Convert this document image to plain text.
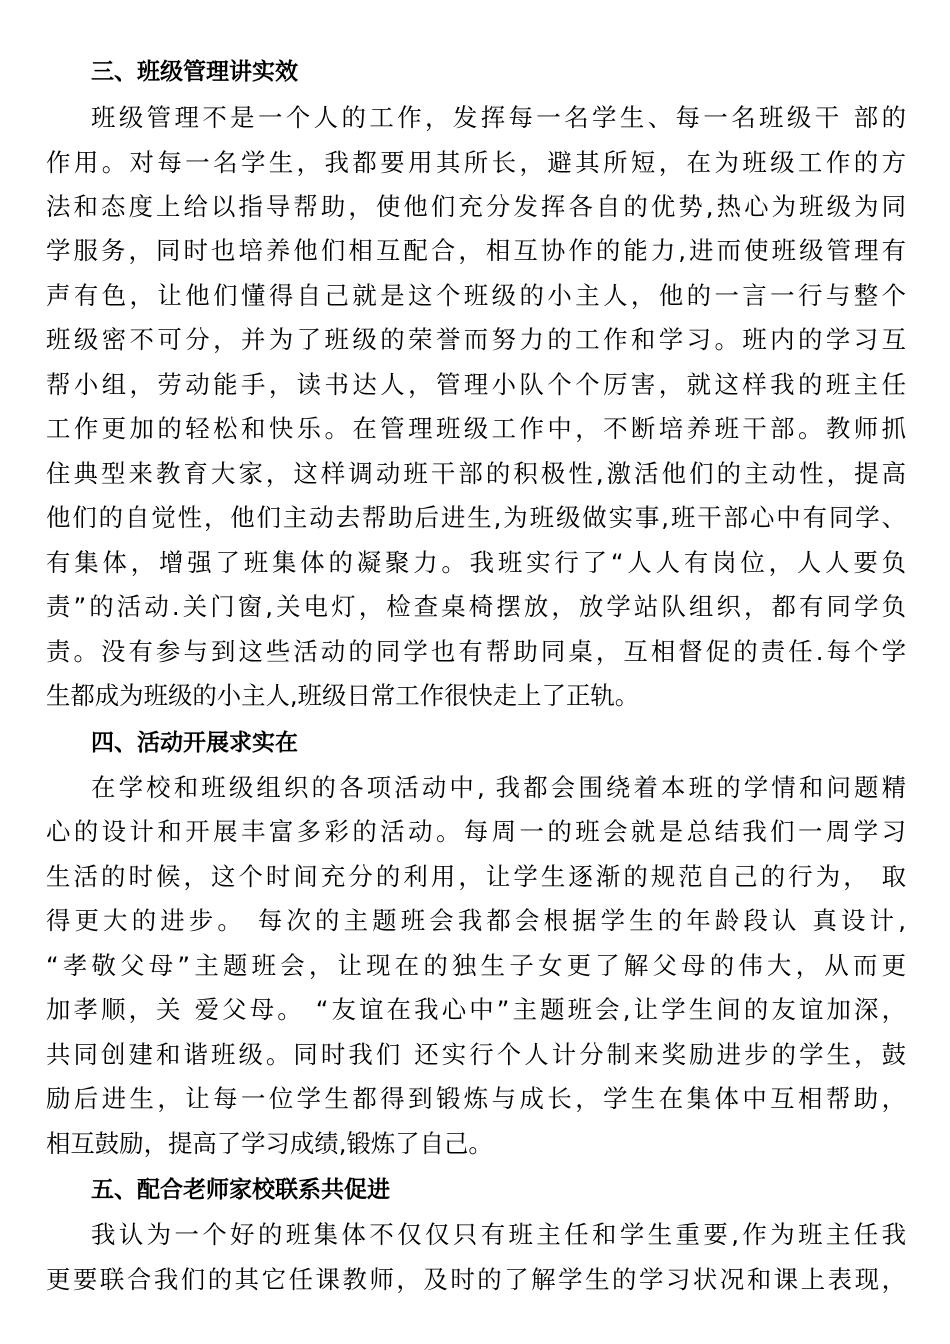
三、班级管理讲实效
班级管理不是一个人的工作，发挥每一名学生、每一名班级干 部的
作用。对每一名学生，我都要用其所长，避其所短，在为班级工作的方
法和态度上给以指导帮助，使他们充分发挥各自的优势,热心为班级为同
学服务，同时也培养他们相互配合，相互协作的能力,进而使班级管理有
声有色，让他们懂得自己就是这个班级的小主人，他的一言一行与整个
班级密不可分，并为了班级的荣誉而努力的工作和学习。班内的学习互
帮小组，劳动能手，读书达人，管理小队个个厉害，就这样我的班主任
工作更加的轻松和快乐。在管理班级工作中，不断培养班干部。教师抓
住典型来教育大家，这样调动班干部的积极性,激活他们的主动性，提高
他们的自觉性，他们主动去帮助后进生,为班级做实事,班干部心中有同学、
有集体，增强了班集体的凝聚力。我班实行了“人人有岗位，人人要负
责”的活动.关门窗,关电灯，检查桌椅摆放，放学站队组织，都有同学负
责。没有参与到这些活动的同学也有帮助同桌，互相督促的责任.每个学
生都成为班级的小主人,班级日常工作很快走上了正轨。
四、活动开展求实在
在学校和班级组织的各项活动中, 我都会围绕着本班的学情和问题精
心的设计和开展丰富多彩的活动。每周一的班会就是总结我们一周学习
生活的时候，这个时间充分的利用，让学生逐渐的规范自己的行为， 取
得更大的进步。 每次的主题班会我都会根据学生的年龄段认 真设计,
“孝敬父母”主题班会，让现在的独生子女更了解父母的伟大，从而更
加孝顺，关 爱父母。 “友谊在我心中”主题班会,让学生间的友谊加深，
共同创建和谐班级。同时我们 还实行个人计分制来奖励进步的学生，鼓
励后进生，让每一位学生都得到锻炼与成长，学生在集体中互相帮助，
相互鼓励，提高了学习成绩,锻炼了自己。
五、配合老师家校联系共促进
我认为一个好的班集体不仅仅只有班主任和学生重要,作为班主任我
更要联合我们的其它任课教师，及时的了解学生的学习状况和课上表现，
